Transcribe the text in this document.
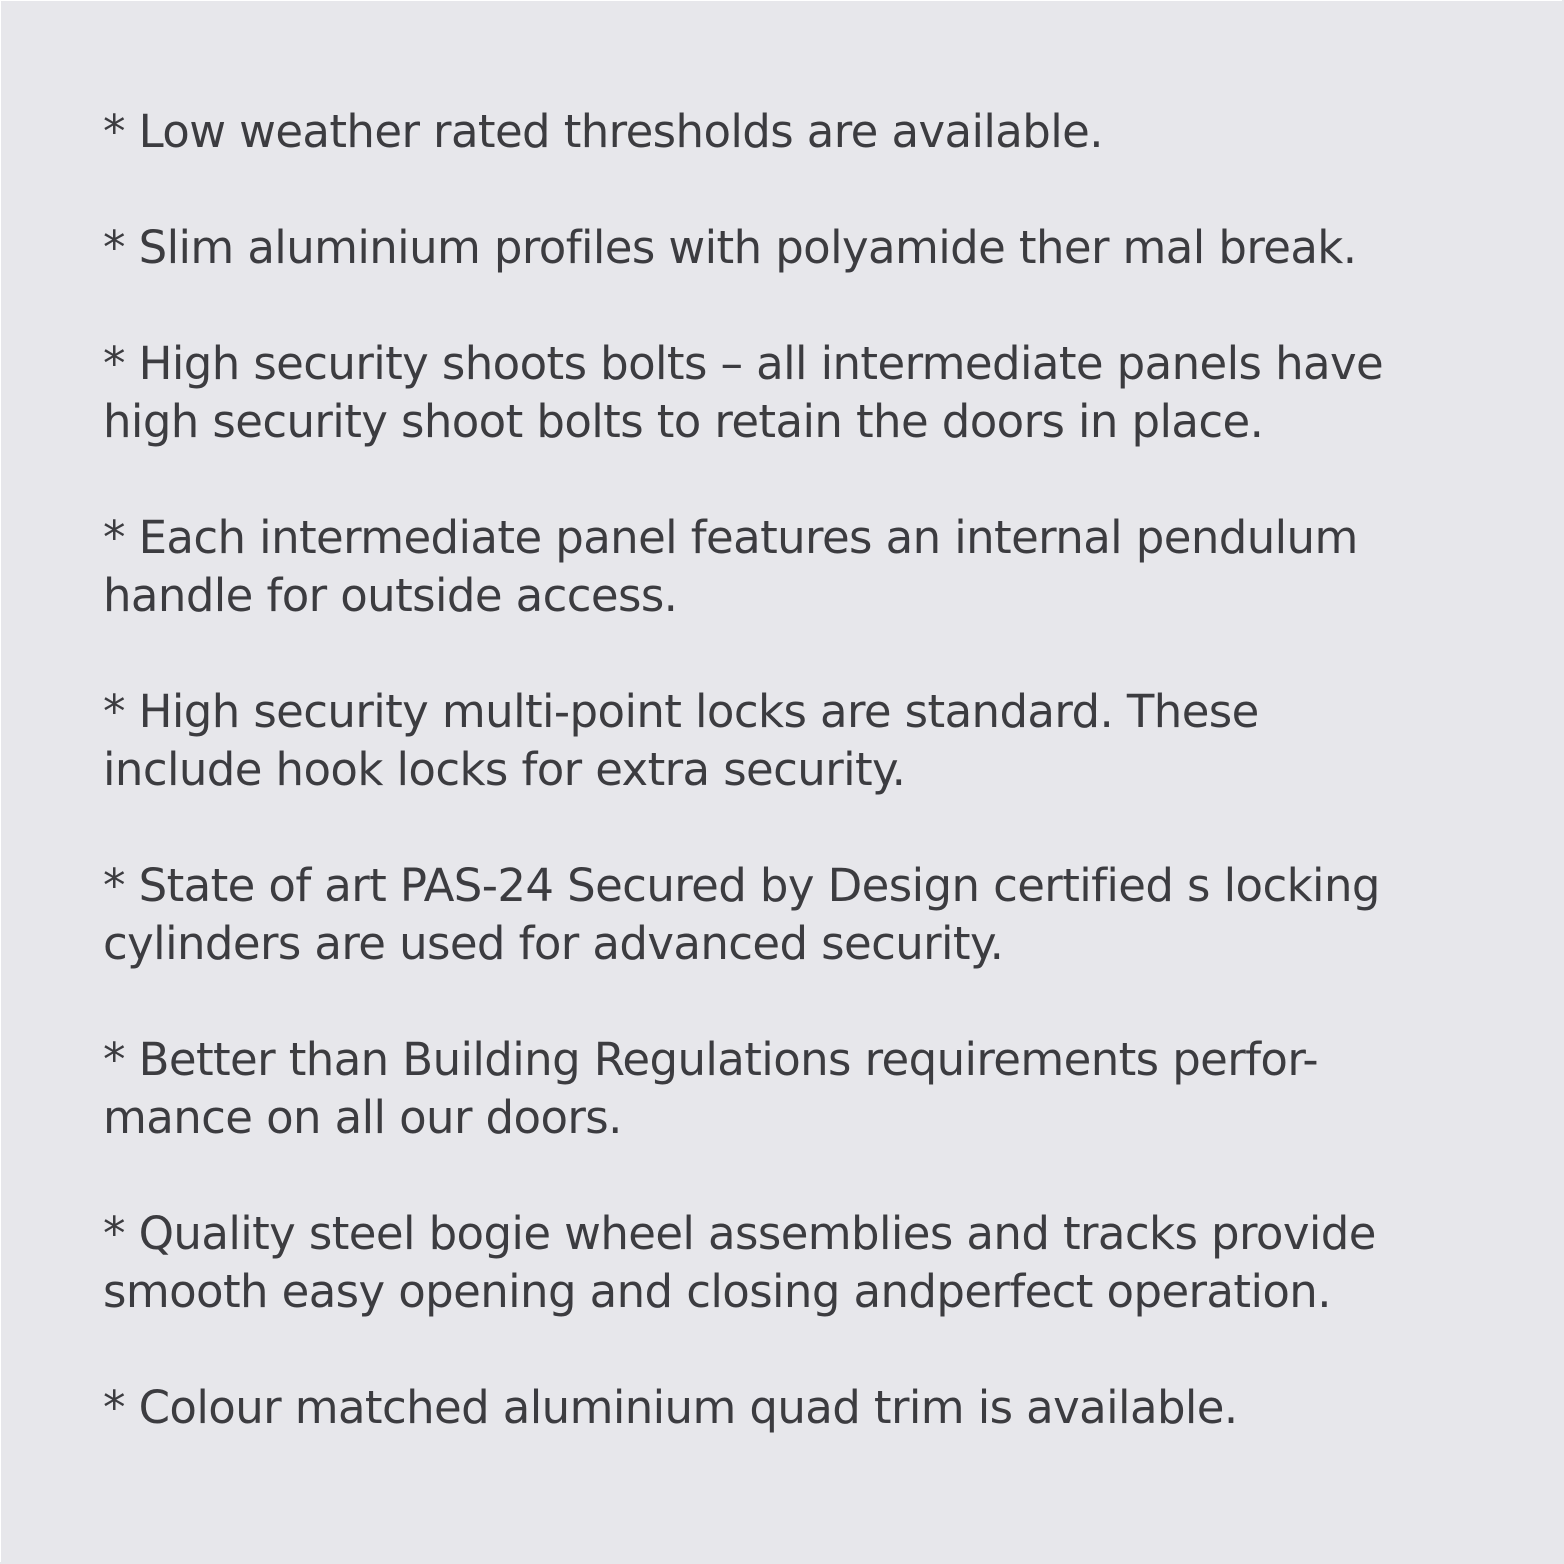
* Low weather rated thresholds are available.
* Slim aluminium profiles with polyamide ther mal break.
* High security shoots bolts – all intermediate panels have
high security shoot bolts to retain the doors in place.
* Each intermediate panel features an internal pendulum
handle for outside access.
* High security multi-point locks are standard. These
include hook locks for extra security.
* State of art PAS-24 Secured by Design certified s locking
cylinders are used for advanced security.
* Better than Building Regulations requirements perfor-
mance on all our doors.
* Quality steel bogie wheel assemblies and tracks provide
smooth easy opening and closing andperfect operation.
* Colour matched aluminium quad trim is available.
